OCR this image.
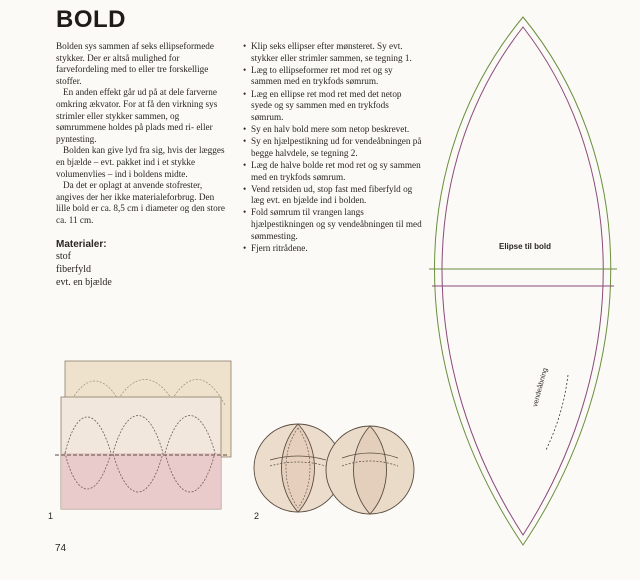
BOLD

Bolden sys sammen af seks ellipseformede stykker. Der er altså mulighed for farvefordeling med to eller tre forskellige stoffer.

En anden effekt går ud på at dele farverne omkring ækvator. For at få den virkning sys strimler eller stykker sammen, og sømrummene holdes på plads med ri- eller pyntesting.

Bolden kan give lyd fra sig, hvis der lægges en bjælde – evt. pakket ind i et stykke volumenvlies – ind i boldens midte.

Da det er oplagt at anvende stofrester, angives der her ikke materialeforbrug. Den lille bold er ca. 8,5 cm i diameter og den store ca. 11 cm.

Materialer:
stof
fiberfyld
evt. en bjælde
• Klip seks ellipser efter mønsteret. Sy evt. stykker eller strimler sammen, se tegning 1.
• Læg to ellipseformer ret mod ret og sy sammen med en trykfods sømrum.
• Læg en ellipse ret mod ret med det netop syede og sy sammen med en trykfods sømrum.
• Sy en halv bold mere som netop beskrevet.
• Sy en hjælpestikning ud for vendeåbningen på begge halvdele, se tegning 2.
• Læg de halve bolde ret mod ret og sy sammen med en trykfods sømrum.
• Vend retsiden ud, stop fast med fiberfyld og læg evt. en bjælde ind i bolden.
• Fold sømrum til vrangen langs hjælpestikningen og sy vendeåbningen til med sømmesting.
• Fjern ritrådene.	Elipse til bold
vendeåbning
1	2
74
